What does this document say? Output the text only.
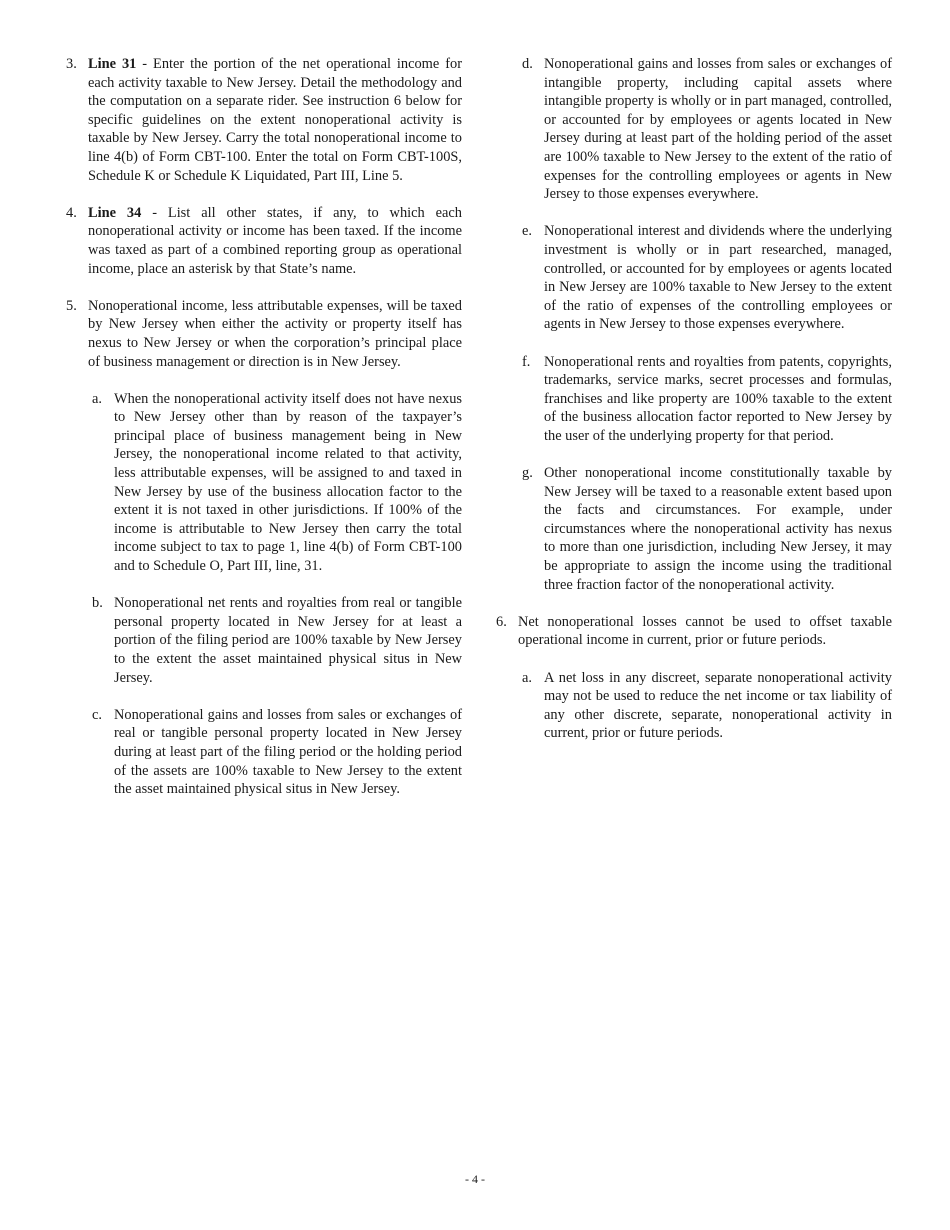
3. Line 31 - Enter the portion of the net operational income for each activity taxable to New Jersey. Detail the methodology and the computation on a separate rider. See instruction 6 below for specific guidelines on the extent nonoperational activity is taxable by New Jersey. Carry the total nonoperational income to line 4(b) of Form CBT-100. Enter the total on Form CBT-100S, Schedule K or Schedule K Liquidated, Part III, Line 5.
4. Line 34 - List all other states, if any, to which each nonoperational activity or income has been taxed. If the income was taxed as part of a combined reporting group as operational income, place an asterisk by that State’s name.
5. Nonoperational income, less attributable expenses, will be taxed by New Jersey when either the activity or property itself has nexus to New Jersey or when the corporation’s principal place of business management or direction is in New Jersey.
a. When the nonoperational activity itself does not have nexus to New Jersey other than by reason of the taxpayer’s principal place of business management being in New Jersey, the nonoperational income related to that activity, less attributable expenses, will be assigned to and taxed in New Jersey by use of the business allocation factor to the extent it is not taxed in other jurisdictions. If 100% of the income is attributable to New Jersey then carry the total income subject to tax to page 1, line 4(b) of Form CBT-100 and to Schedule O, Part III, line, 31.
b. Nonoperational net rents and royalties from real or tangible personal property located in New Jersey for at least a portion of the filing period are 100% taxable by New Jersey to the extent the asset maintained physical situs in New Jersey.
c. Nonoperational gains and losses from sales or exchanges of real or tangible personal property located in New Jersey during at least part of the filing period or the holding period of the assets are 100% taxable to New Jersey to the extent the asset maintained physical situs in New Jersey.
d. Nonoperational gains and losses from sales or exchanges of intangible property, including capital assets where intangible property is wholly or in part managed, controlled, or accounted for by employees or agents located in New Jersey during at least part of the holding period of the asset are 100% taxable to New Jersey to the extent of the ratio of expenses for the controlling employees or agents in New Jersey to those expenses everywhere.
e. Nonoperational interest and dividends where the underlying investment is wholly or in part researched, managed, controlled, or accounted for by employees or agents located in New Jersey are 100% taxable to New Jersey to the extent of the ratio of expenses of the controlling employees or agents in New Jersey to those expenses everywhere.
f. Nonoperational rents and royalties from patents, copyrights, trademarks, service marks, secret processes and formulas, franchises and like property are 100% taxable to the extent of the business allocation factor reported to New Jersey by the user of the underlying property for that period.
g. Other nonoperational income constitutionally taxable by New Jersey will be taxed to a reasonable extent based upon the facts and circumstances. For example, under circumstances where the nonoperational activity has nexus to more than one jurisdiction, including New Jersey, it may be appropriate to assign the income using the traditional three fraction factor of the nonoperational activity.
6. Net nonoperational losses cannot be used to offset taxable operational income in current, prior or future periods.
a. A net loss in any discreet, separate nonoperational activity may not be used to reduce the net income or tax liability of any other discrete, separate, nonoperational activity in current, prior or future periods.
- 4 -
